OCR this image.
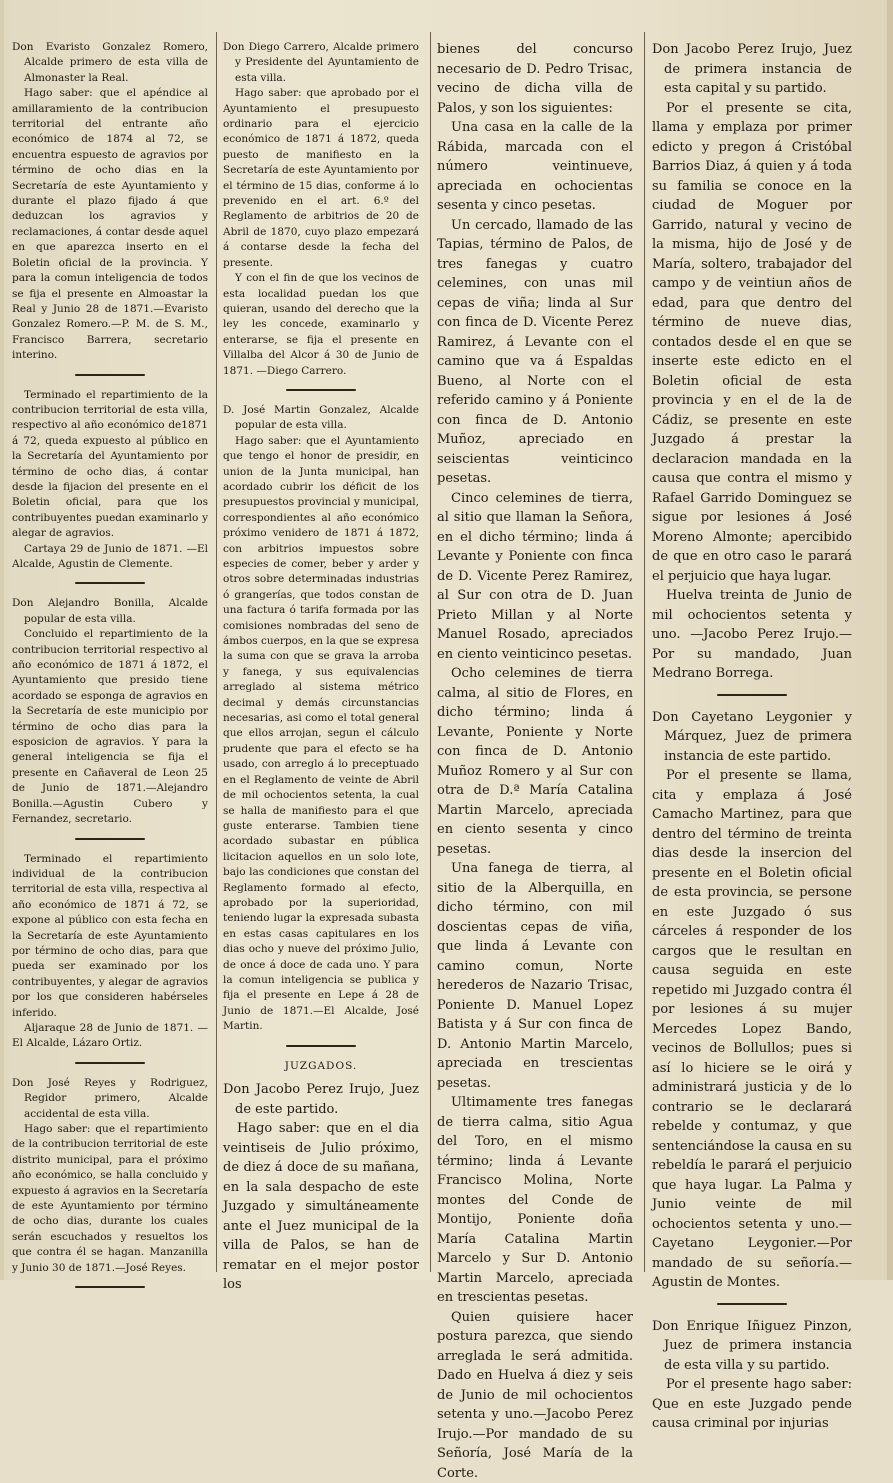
Don Evaristo Gonzalez Romero, Alcalde primero de esta villa de Almonaster la Real.

Hago saber: que el apéndice al amillaramiento de la contribucion territorial del entrante año económico de 1874 al 72, se encuentra espuesto de agravios por término de ocho dias en la Secretaría de este Ayuntamiento y durante el plazo fijado á que deduzcan los agravios y reclamaciones, á contar desde aquel en que aparezca inserto en el Boletin oficial de la provincia. Y para la comun inteligencia de todos se fija el presente en Almoastar la Real y Junio 28 de 1871.—Evaristo Gonzalez Romero.—P. M. de S. M., Francisco Barrera, secretario interino.

Terminado el repartimiento de la contribucion territorial de esta villa, respectivo al año económico de1871 á 72, queda expuesto al público en la Secretaría del Ayuntamiento por término de ocho dias, á contar desde la fijacion del presente en el Boletin oficial, para que los contribuyentes puedan examinarlo y alegar de agravios.

Cartaya 29 de Junio de 1871. —El Alcalde, Agustin de Clemente.

Don Alejandro Bonilla, Alcalde popular de esta villa.

Concluido el repartimiento de la contribucion territorial respectivo al año económico de 1871 á 1872, el Ayuntamiento que presido tiene acordado se esponga de agravios en la Secretaría de este municipio por término de ocho dias para la esposicion de agravios. Y para la general inteligencia se fija el presente en Cañaveral de Leon 25 de Junio de 1871.—Alejandro Bonilla.—Agustin Cubero y Fernandez, secretario.

Terminado el repartimiento individual de la contribucion territorial de esta villa, respectiva al año económico de 1871 á 72, se expone al público con esta fecha en la Secretaría de este Ayuntamiento por término de ocho dias, para que pueda ser examinado por los contribuyentes, y alegar de agravios por los que consideren habérseles inferido.

Aljaraque 28 de Junio de 1871. —El Alcalde, Lázaro Ortiz.

Don José Reyes y Rodriguez, Regidor primero, Alcalde accidental de esta villa.

Hago saber: que el repartimiento de la contribucion territorial de este distrito municipal, para el próximo año económico, se halla concluido y expuesto á agravios en la Secretaría de este Ayuntamiento por término de ocho dias, durante los cuales serán escuchados y resueltos los que contra él se hagan. Manzanilla y Junio 30 de 1871.—José Reyes.

Don Diego Carrero, Alcalde primero y Presidente del Ayuntamiento de esta villa.

Hago saber: que aprobado por el Ayuntamiento el presupuesto ordinario para el ejercicio económico de 1871 á 1872, queda puesto de manifiesto en la Secretaría de este Ayuntamiento por el término de 15 dias, conforme á lo prevenido en el art. 6.º del Reglamento de arbitrios de 20 de Abril de 1870, cuyo plazo empezará á contarse desde la fecha del presente.

Y con el fin de que los vecinos de esta localidad puedan los que quieran, usando del derecho que la ley les concede, examinarlo y enterarse, se fija el presente en Villalba del Alcor á 30 de Junio de 1871. —Diego Carrero.

D. José Martin Gonzalez, Alcalde popular de esta villa.

Hago saber: que el Ayuntamiento que tengo el honor de presidir, en union de la Junta municipal, han acordado cubrir los déficit de los presupuestos provincial y municipal, correspondientes al año económico próximo venidero de 1871 á 1872, con arbitrios impuestos sobre especies de comer, beber y arder y otros sobre determinadas industrias ó grangerías, que todos constan de una factura ó tarifa formada por las comisiones nombradas del seno de ámbos cuerpos, en la que se expresa la suma con que se grava la arroba y fanega, y sus equivalencias arreglado al sistema métrico decimal y demás circunstancias necesarias, asi como el total general que ellos arrojan, segun el cálculo prudente que para el efecto se ha usado, con arreglo á lo preceptuado en el Reglamento de veinte de Abril de mil ochocientos setenta, la cual se halla de manifiesto para el que guste enterarse. Tambien tiene acordado subastar en pública licitacion aquellos en un solo lote, bajo las condiciones que constan del Reglamento formado al efecto, aprobado por la superioridad, teniendo lugar la expresada subasta en estas casas capitulares en los dias ocho y nueve del próximo Julio, de once á doce de cada uno. Y para la comun inteligencia se publica y fija el presente en Lepe á 28 de Junio de 1871.—El Alcalde, José Martin.

JUZGADOS.

Don Jacobo Perez Irujo, Juez de este partido.

Hago saber: que en el dia veintiseis de Julio próximo, de diez á doce de su mañana, en la sala despacho de este Juzgado y simultáneamente ante el Juez municipal de la villa de Palos, se han de rematar en el mejor postor los

bienes del concurso necesario de D. Pedro Trisac, vecino de dicha villa de Palos, y son los siguientes:

Una casa en la calle de la Rábida, marcada con el número veintinueve, apreciada en ochocientas sesenta y cinco pesetas.

Un cercado, llamado de las Tapias, término de Palos, de tres fanegas y cuatro celemines, con unas mil cepas de viña; linda al Sur con finca de D. Vicente Perez Ramirez, á Levante con el camino que va á Espaldas Bueno, al Norte con el referido camino y á Poniente con finca de D. Antonio Muñoz, apreciado en seiscientas veinticinco pesetas.

Cinco celemines de tierra, al sitio que llaman la Señora, en el dicho término; linda á Levante y Poniente con finca de D. Vicente Perez Ramirez, al Sur con otra de D. Juan Prieto Millan y al Norte Manuel Rosado, apreciados en ciento veinticinco pesetas.

Ocho celemines de tierra calma, al sitio de Flores, en dicho término; linda á Levante, Poniente y Norte con finca de D. Antonio Muñoz Romero y al Sur con otra de D.ª María Catalina Martin Marcelo, apreciada en ciento sesenta y cinco pesetas.

Una fanega de tierra, al sitio de la Alberquilla, en dicho término, con mil doscientas cepas de viña, que linda á Levante con camino comun, Norte herederos de Nazario Trisac, Poniente D. Manuel Lopez Batista y á Sur con finca de D. Antonio Martin Marcelo, apreciada en trescientas pesetas.

Ultimamente tres fanegas de tierra calma, sitio Agua del Toro, en el mismo término; linda á Levante Francisco Molina, Norte montes del Conde de Montijo, Poniente doña María Catalina Martin Marcelo y Sur D. Antonio Martin Marcelo, apreciada en trescientas pesetas.

Quien quisiere hacer postura parezca, que siendo arreglada le será admitida. Dado en Huelva á diez y seis de Junio de mil ochocientos setenta y uno.—Jacobo Perez Irujo.—Por mandado de su Señoría, José María de la Corte.

Don Jacobo Perez Irujo, Juez de primera instancia de esta capital y su partido.

Por el presente se cita, llama y emplaza por primer edicto y pregon á Cristóbal Barrios Diaz, á quien y á toda su familia se conoce en la ciudad de Moguer por Garrido, natural y vecino de la misma, hijo de José y de María, soltero, trabajador del campo y de veintiun años de edad, para que dentro del término de nueve dias, contados desde el en que se inserte este edicto en el Boletin oficial de esta provincia y en el de la de Cádiz, se presente en este Juzgado á prestar la declaracion mandada en la causa que contra el mismo y Rafael Garrido Dominguez se sigue por lesiones á José Moreno Almonte; apercibido de que en otro caso le parará el perjuicio que haya lugar.

Huelva treinta de Junio de mil ochocientos setenta y uno. —Jacobo Perez Irujo.—Por su mandado, Juan Medrano Borrega.

Don Cayetano Leygonier y Márquez, Juez de primera instancia de este partido.

Por el presente se llama, cita y emplaza á José Camacho Martinez, para que dentro del término de treinta dias desde la insercion del presente en el Boletin oficial de esta provincia, se persone en este Juzgado ó sus cárceles á responder de los cargos que le resultan en causa seguida en este repetido mi Juzgado contra él por lesiones á su mujer Mercedes Lopez Bando, vecinos de Bollullos; pues si así lo hiciere se le oirá y administrará justicia y de lo contrario se le declarará rebelde y contumaz, y que sentenciándose la causa en su rebeldía le parará el perjuicio que haya lugar. La Palma y Junio veinte de mil ochocientos setenta y uno.—Cayetano Leygonier.—Por mandado de su señoría.—Agustin de Montes.

Don Enrique Iñiguez Pinzon, Juez de primera instancia de esta villa y su partido.

Por el presente hago saber: Que en este Juzgado pende causa criminal por injurias
